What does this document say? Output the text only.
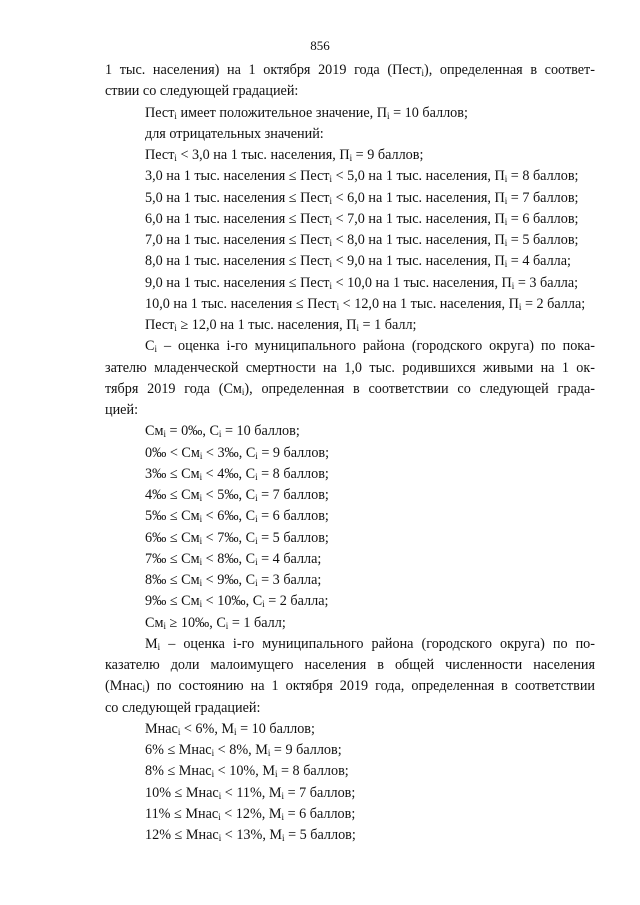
856
1 тыс. населения) на 1 октября 2019 года (Пест$_i$), определенная в соответ-
ствии со следующей градацией:
Пест$_i$ имеет положительное значение, $П_i = 10$ баллов;
для отрицательных значений:
Пест$_i$ < 3,0 на 1 тыс. населения, $П_i = 9$ баллов;
3,0 на 1 тыс. населения ≤ Пест$_i$ < 5,0 на 1 тыс. населения, $П_i = 8$ баллов;
5,0 на 1 тыс. населения ≤ Пест$_i$ < 6,0 на 1 тыс. населения, $П_i = 7$ баллов;
6,0 на 1 тыс. населения ≤ Пест$_i$ < 7,0 на 1 тыс. населения, $П_i = 6$ баллов;
7,0 на 1 тыс. населения ≤ Пест$_i$ < 8,0 на 1 тыс. населения, $П_i = 5$ баллов;
8,0 на 1 тыс. населения ≤ Пест$_i$ < 9,0 на 1 тыс. населения, $П_i = 4$ балла;
9,0 на 1 тыс. населения ≤ Пест$_i$ < 10,0 на 1 тыс. населения, $П_i = 3$ балла;
10,0 на 1 тыс. населения ≤ Пест$_i$ < 12,0 на 1 тыс. населения, $П_i = 2$ балла;
Пест$_i$ ≥ 12,0 на 1 тыс. населения, $П_i = 1$ балл;
$С_i$ – оценка i-го муниципального района (городского округа) по пока-
зателю младенческой смертности на 1,0 тыс. родившихся живыми на 1 ок-
тября 2019 года $(См_i)$, определенная в соответствии со следующей града-
цией:
$См_i$ = 0‰, $С_i = 10$ баллов;
0‰ < $См_i$ < 3‰, $С_i = 9$ баллов;
3‰ ≤ $См_i$ < 4‰, $С_i = 8$ баллов;
4‰ ≤ $См_i$ < 5‰, $С_i = 7$ баллов;
5‰ ≤ $См_i$ < 6‰, $С_i = 6$ баллов;
6‰ ≤ $См_i$ < 7‰, $С_i = 5$ баллов;
7‰ ≤ $См_i$ < 8‰, $С_i = 4$ балла;
8‰ ≤ $См_i$ < 9‰, $С_i = 3$ балла;
9‰ ≤ $См_i$ < 10‰, $С_i = 2$ балла;
$См_i$ ≥ 10‰, $С_i = 1$ балл;
$М_i$ – оценка i-го муниципального района (городского округа) по по-
казателю доли малоимущего населения в общей численности населения
(Мнас$_i$) по состоянию на 1 октября 2019 года, определенная в соответствии
со следующей градацией:
Мнас$_i$ < 6%, $М_i = 10$ баллов;
6% ≤ Мнас$_i$ < 8%, $М_i = 9$ баллов;
8% ≤ Мнас$_i$ < 10%, $М_i = 8$ баллов;
10% ≤ Мнас$_i$ < 11%, $М_i = 7$ баллов;
11% ≤ Мнас$_i$ < 12%, $М_i = 6$ баллов;
12% ≤ Мнас$_i$ < 13%, $М_i = 5$ баллов;
